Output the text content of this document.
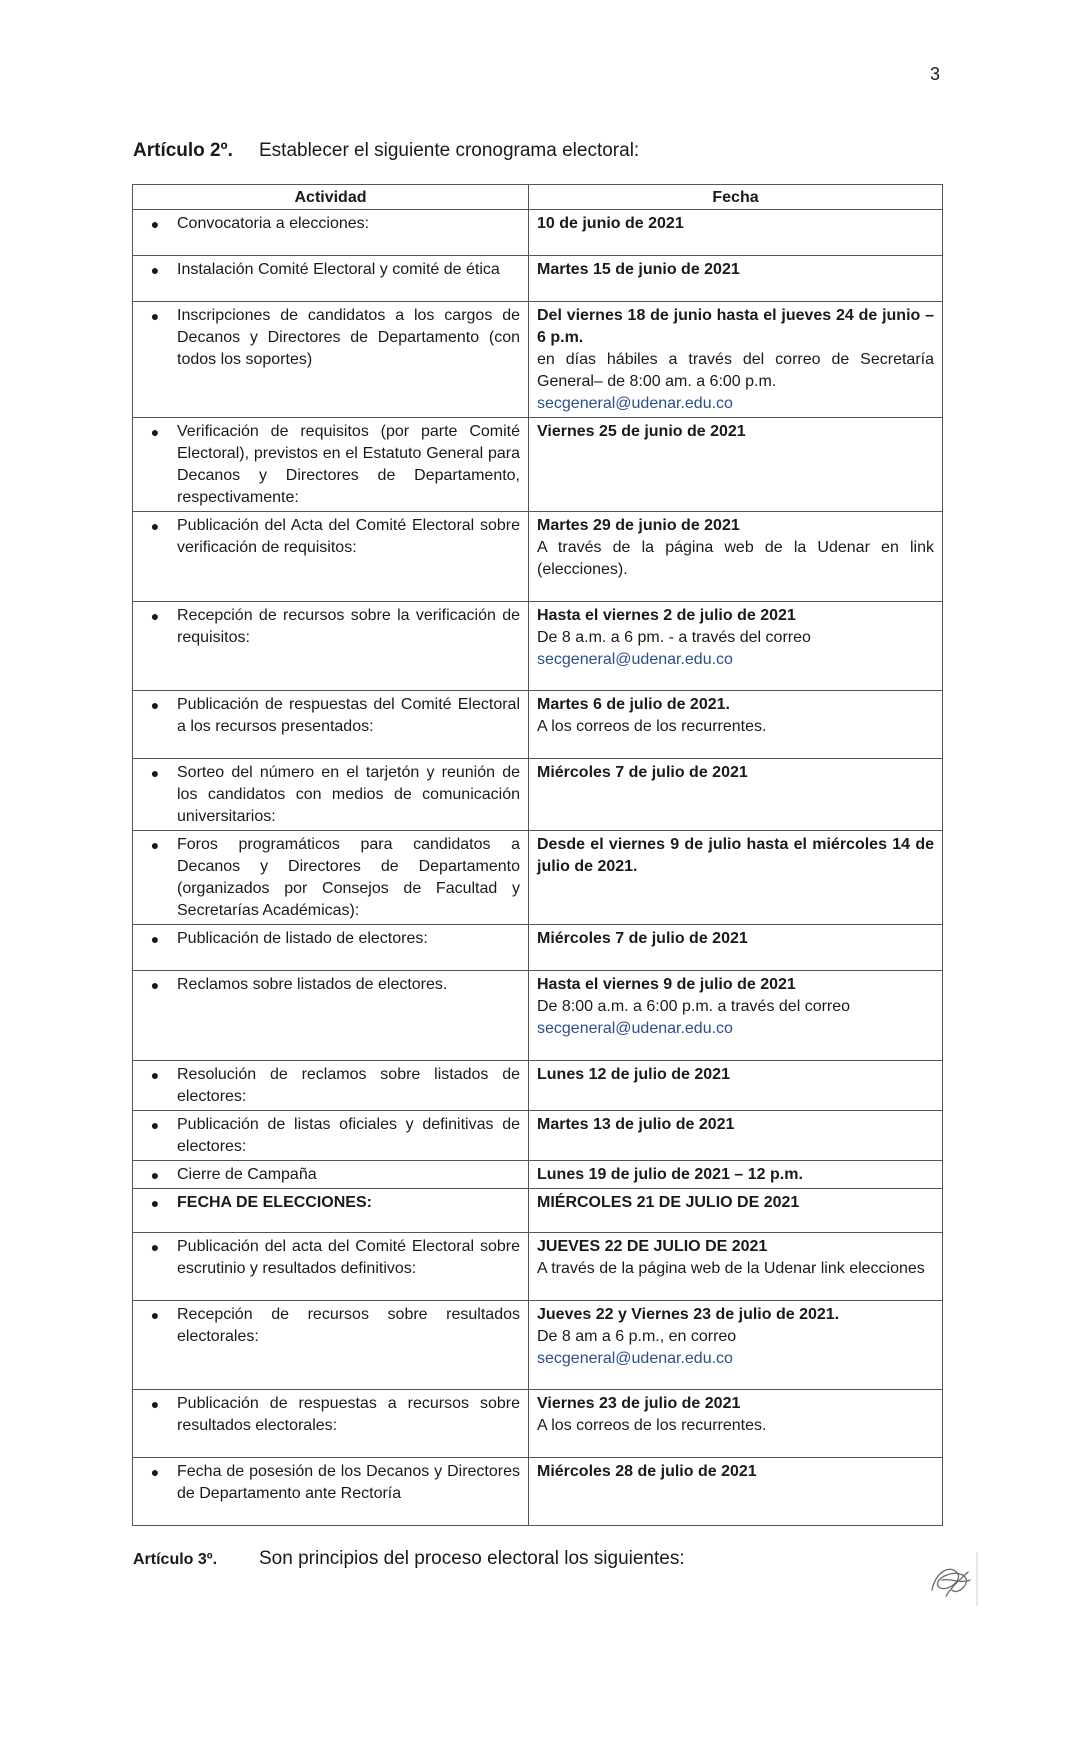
3
Artículo 2º. Establecer el siguiente cronograma electoral:
Actividad	Fecha

● Convocatoria a elecciones:	10 de junio de 2021

● Instalación Comité Electoral y comité de ética	Martes 15 de junio de 2021

● Inscripciones de candidatos a los cargos de Decanos y Directores de Departamento (con todos los soportes)	Del viernes 18 de junio hasta el jueves 24 de junio – 6 p.m.
en días hábiles a través del correo de Secretaría General– de 8:00 am. a 6:00 p.m.
secgeneral@udenar.edu.co

● Verificación de requisitos (por parte Comité Electoral), previstos en el Estatuto General para Decanos y Directores de Departamento, respectivamente:	Viernes 25 de junio de 2021

● Publicación del Acta del Comité Electoral sobre verificación de requisitos:	Martes 29 de junio de 2021
A través de la página web de la Udenar en link (elecciones).

● Recepción de recursos sobre la verificación de requisitos:	Hasta el viernes 2 de julio de 2021
De 8 a.m. a 6 pm. - a través del correo
secgeneral@udenar.edu.co

● Publicación de respuestas del Comité Electoral a los recursos presentados:	Martes 6 de julio de 2021.
A los correos de los recurrentes.

● Sorteo del número en el tarjetón y reunión de los candidatos con medios de comunicación universitarios:	Miércoles 7 de julio de 2021

● Foros programáticos para candidatos a Decanos y Directores de Departamento (organizados por Consejos de Facultad y Secretarías Académicas):	Desde el viernes 9 de julio hasta el miércoles 14 de julio de 2021.

● Publicación de listado de electores:	Miércoles 7 de julio de 2021

● Reclamos sobre listados de electores.	Hasta el viernes 9 de julio de 2021
De 8:00 a.m. a 6:00 p.m. a través del correo
secgeneral@udenar.edu.co

● Resolución de reclamos sobre listados de electores:	Lunes 12 de julio de 2021

● Publicación de listas oficiales y definitivas de electores:	Martes 13 de julio de 2021

● Cierre de Campaña	Lunes 19 de julio de 2021 – 12 p.m.

● FECHA DE ELECCIONES:	MIÉRCOLES 21 DE JULIO DE 2021

● Publicación del acta del Comité Electoral sobre escrutinio y resultados definitivos:	JUEVES 22 DE JULIO DE 2021
A través de la página web de la Udenar link elecciones

● Recepción de recursos sobre resultados electorales:	Jueves 22 y Viernes 23 de julio de 2021.
De 8 am a 6 p.m., en correo
secgeneral@udenar.edu.co

● Publicación de respuestas a recursos sobre resultados electorales:	Viernes 23 de julio de 2021
A los correos de los recurrentes.

● Fecha de posesión de los Decanos y Directores de Departamento ante Rectoría	Miércoles 28 de julio de 2021
Artículo 3º. Son principios del proceso electoral los siguientes:
